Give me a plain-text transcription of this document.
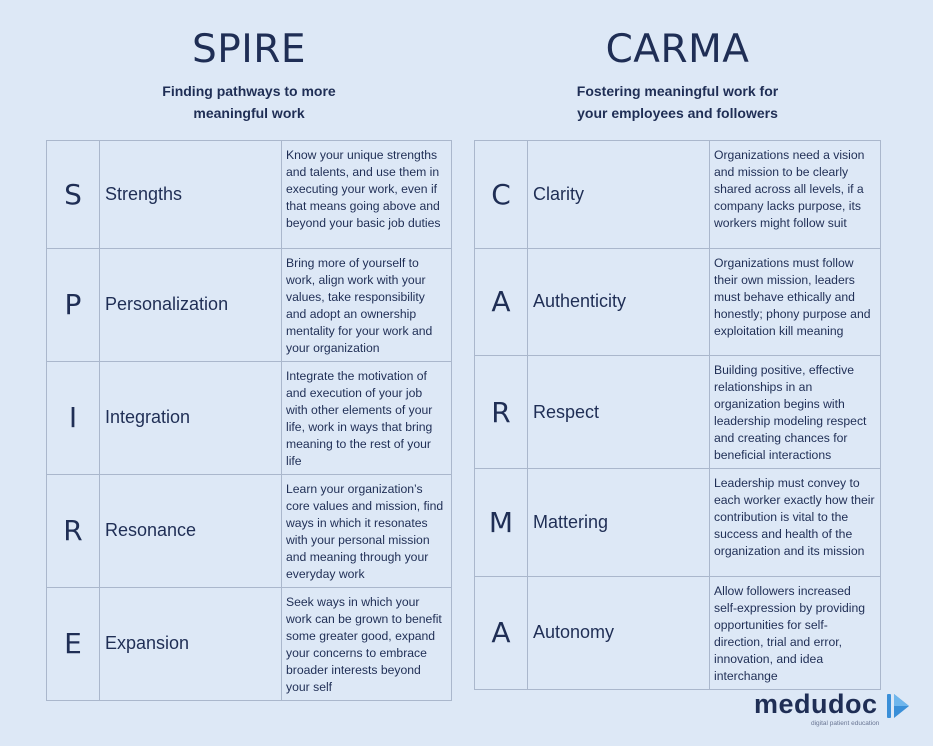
SPIRE

Finding pathways to more
meaningful work

S	Strengths	Know your unique strengths and talents, and use them in executing your work, even if that means going above and beyond your basic job duties
P	Personalization	Bring more of yourself to work, align work with your values, take responsibility and adopt an ownership mentality for your work and your organization
I	Integration	Integrate the motivation of and execution of your job with other elements of your life, work in ways that bring meaning to the rest of your life
R	Resonance	Learn your organization’s core values and mission, find ways in which it resonates with your personal mission and meaning through your everyday work
E	Expansion	Seek ways in which your work can be grown to benefit some greater good, expand your concerns to embrace broader interests beyond your self
CARMA

Fostering meaningful work for
your employees and followers

C	Clarity	Organizations need a vision and mission to be clearly shared across all levels, if a company lacks purpose, its workers might follow suit
A	Authenticity	Organizations must follow their own mission, leaders must behave ethically and honestly; phony purpose and exploitation kill meaning
R	Respect	Building positive, effective relationships in an organization begins with leadership modeling respect and creating chances for beneficial interactions
M	Mattering	Leadership must convey to each worker exactly how their contribution is vital to the success and health of the organization and its mission
A	Autonomy	Allow followers increased self-expression by providing opportunities for self-direction, trial and error, innovation, and idea interchange
medudoc
digital patient education
